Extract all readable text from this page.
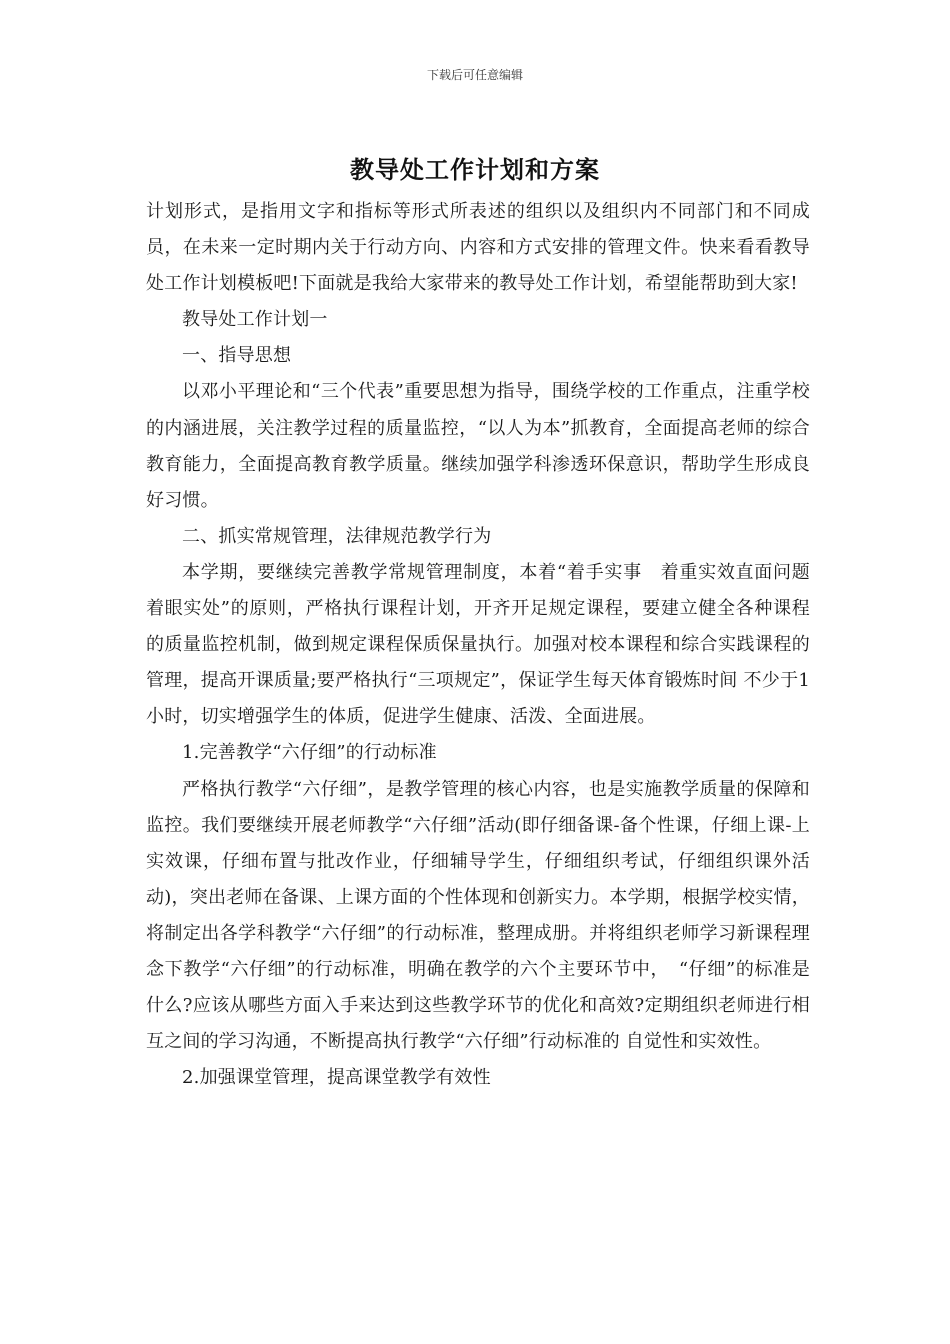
下载后可任意编辑
教导处工作计划和方案

计划形式，是指用文字和指标等形式所表述的组织以及组织内不同部门和不同成员，在未来一定时期内关于行动方向、内容和方式安排的管理文件。快来看看教导处工作计划模板吧!下面就是我给大家带来的教导处工作计划，希望能帮助到大家!

教导处工作计划一

一、指导思想

以邓小平理论和“三个代表”重要思想为指导，围绕学校的工作重点，注重学校的内涵进展，关注教学过程的质量监控，“以人为本”抓教育，全面提高老师的综合教育能力，全面提高教育教学质量。继续加强学科渗透环保意识，帮助学生形成良好习惯。

二、抓实常规管理，法律规范教学行为

本学期，要继续完善教学常规管理制度，本着“着手实事　着重实效直面问题　着眼实处”的原则，严格执行课程计划，开齐开足规定课程，要建立健全各种课程的质量监控机制，做到规定课程保质保量执行。加强对校本课程和综合实践课程的管理，提高开课质量;要严格执行“三项规定”，保证学生每天体育锻炼时间 不少于1小时，切实增强学生的体质，促进学生健康、活泼、全面进展。

1.完善教学“六仔细”的行动标准

严格执行教学“六仔细”，是教学管理的核心内容，也是实施教学质量的保障和监控。我们要继续开展老师教学“六仔细”活动(即仔细备课-备个性课，仔细上课-上实效课，仔细布置与批改作业，仔细辅导学生，仔细组织考试，仔细组织课外活动)，突出老师在备课、上课方面的个性体现和创新实力。本学期，根据学校实情，将制定出各学科教学“六仔细”的行动标准，整理成册。并将组织老师学习新课程理念下教学“六仔细”的行动标准，明确在教学的六个主要环节中，　“仔细”的标准是什么?应该从哪些方面入手来达到这些教学环节的优化和高效?定期组织老师进行相互之间的学习沟通，不断提高执行教学“六仔细”行动标准的 自觉性和实效性。

2.加强课堂管理，提高课堂教学有效性
